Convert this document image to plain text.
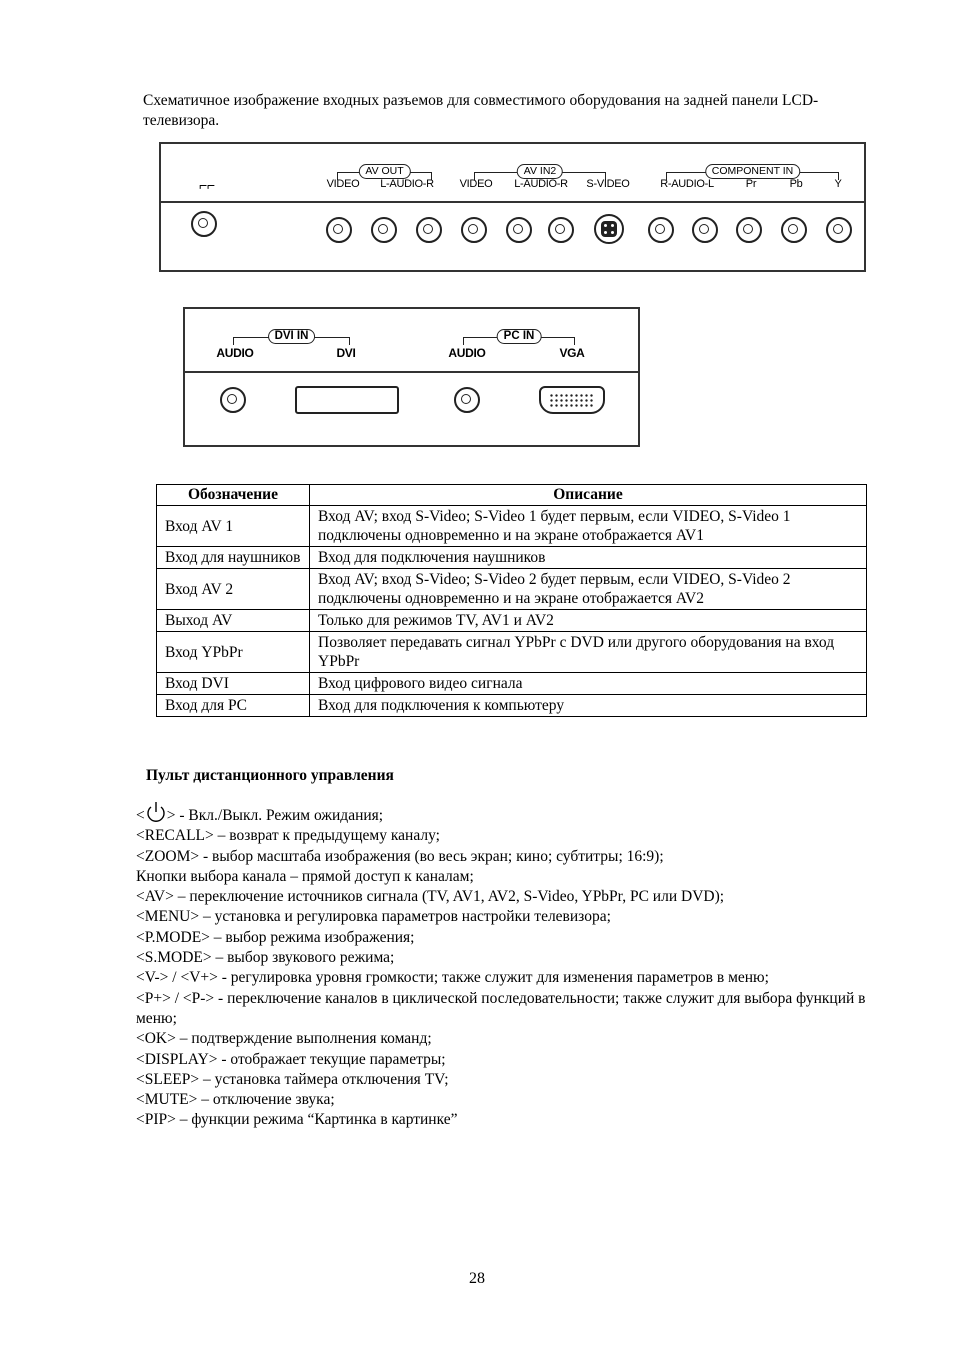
Схематичное изображение входных разъемов для совместимого оборудования на задней панели LCD-телевизора.
⌐⌐
AV OUT	AV IN2	COMPONENT IN
VIDEO L-AUDIO-R VIDEO L-AUDIO-R S-VIDEO	R-AUDIO-L	Pr	Pb	Y
DVI IN	PC IN
AUDIO	DVI	AUDIO	VGA
Обозначение	Описание
Вход AV 1	Вход AV; вход S-Video; S-Video 1 будет первым, если VIDEO, S-Video 1 подключены одновременно и на экране отображается AV1
Вход для наушников	Вход для подключения наушников
Вход AV 2	Вход AV; вход S-Video; S-Video 2 будет первым, если VIDEO, S-Video 2 подключены одновременно и на экране отображается AV2
Выход AV	Только для режимов TV, AV1 и AV2
Вход YPbPr	Позволяет передавать сигнал YPbPr с DVD или другого оборудования на вход YPbPr
Вход DVI	Вход цифрового видео сигнала
Вход для PC	Вход для подключения к компьютеру
Пульт дистанционного управления
< > - Вкл./Выкл. Режим ожидания;
<RECALL> – возврат к предыдущему каналу;
<ZOOM> - выбор масштаба изображения (во весь экран; кино; субтитры; 16:9);
Кнопки выбора канала – прямой доступ к каналам;
<AV> – переключение источников сигнала (TV, AV1, AV2, S-Video, YPbPr, PC или DVD);
<MENU> – установка и регулировка параметров настройки телевизора;
<P.MODE> – выбор режима изображения;
<S.MODE> – выбор звукового режима;
<V-> / <V+> - регулировка уровня громкости; также служит для изменения параметров в меню;
<P+> / <P-> - переключение каналов в циклической последовательности; также служит для выбора функций в меню;
<OK> – подтверждение выполнения команд;
<DISPLAY> - отображает текущие параметры;
<SLEEP> – установка таймера отключения TV;
<MUTE> – отключение звука;
<PIP> – функции режима “Картинка в картинке”
28
